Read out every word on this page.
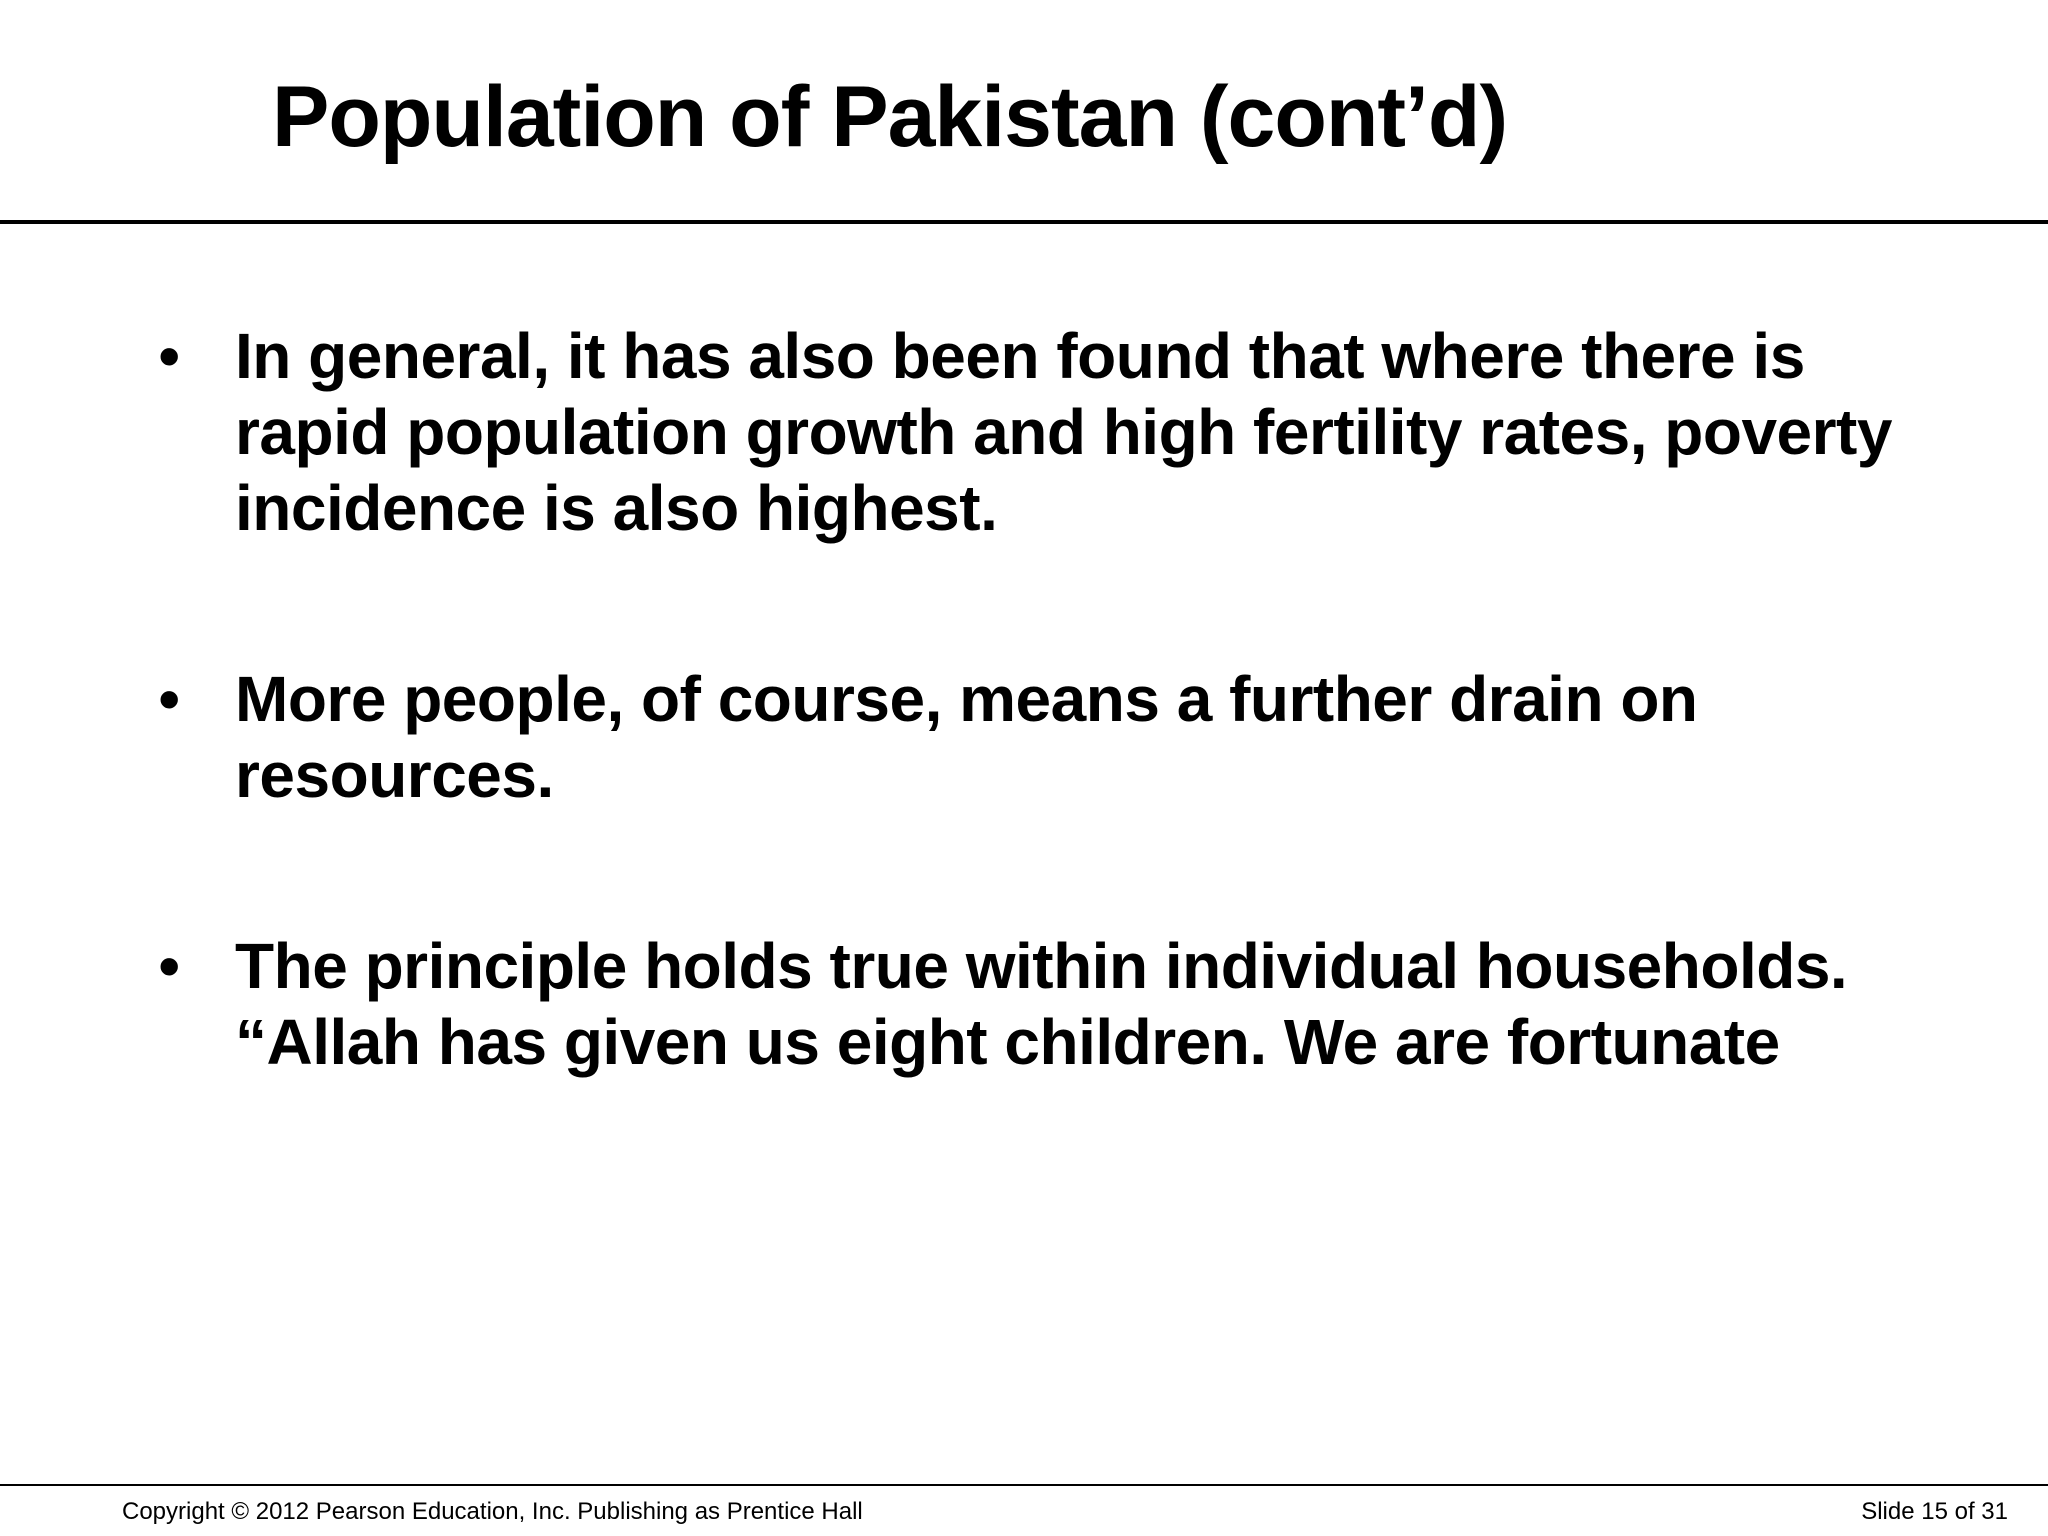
Population of Pakistan (cont’d)
• In general, it has also been found that where there is rapid population growth and high fertility rates, poverty incidence is also highest.
• More people, of course, means a further drain on resources.
• The principle holds true within individual households. “Allah has given us eight children. We are fortunate
Copyright © 2012 Pearson Education, Inc. Publishing as Prentice Hall	Slide 15 of 31
